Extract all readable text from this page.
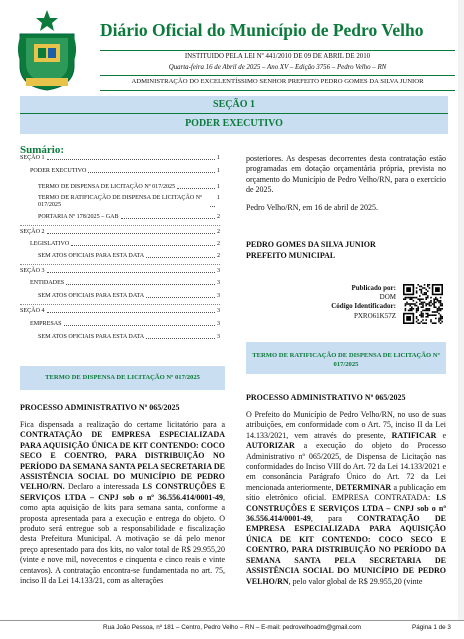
Diário Oficial do Município de Pedro Velho
INSTITUIDO PELA LEI Nº 441/2010 DE 09 DE ABRIL DE 2010
Quarta-feira 16 de Abril de 2025 – Ano XV – Edição 3756 – Pedro Velho – RN
ADMINISTRAÇÃO DO EXCELENTÍSSIMO SENHOR PREFEITO PEDRO GOMES DA SILVA JUNIOR
SEÇÃO 1
PODER EXECUTIVO
Sumário:
SEÇÃO 1	1
PODER EXECUTIVO	1
TERMO DE DISPENSA DE LICITAÇÃO Nº 017/2025	1
TERMO DE RATIFICAÇÃO DE DISPENSA DE LICITAÇÃO Nº 017/2025
1
PORTARIA Nº 178/2025 – GAB	2
SEÇÃO 2	2
LEGISLATIVO	2
SEM ATOS OFICIAIS PARA ESTA DATA	2
SEÇÃO 3	3
ENTIDADES	3
SEM ATOS OFICIAIS PARA ESTA DATA	3
SEÇÃO 4	3
EMPRESAS	3
SEM ATOS OFICIAIS PARA ESTA DATA	3
posteriores. As despesas decorrentes desta contratação estão programadas em dotação orçamentária própria, prevista no orçamento do Município de Pedro Velho/RN, para o exercício de 2025.
Pedro Velho/RN, em 16 de abril de 2025.
PEDRO GOMES DA SILVA JUNIOR
PREFEITO MUNICIPAL
Publicado por:
DOM
Código Identificador:
PXRO61K57Z
TERMO DE RATIFICAÇÃO DE DISPENSA DE LICITAÇÃO Nº 017/2025
TERMO DE DISPENSA DE LICITAÇÃO Nº 017/2025
PROCESSO ADMINISTRATIVO Nº 065/2025
PROCESSO ADMINISTRATIVO Nº 065/2025
Fica dispensada a realização do certame licitatório para a CONTRATAÇÃO DE EMPRESA ESPECIALIZADA PARA AQUISIÇÃO ÚNICA DE KIT CONTENDO: COCO SECO E COENTRO, PARA DISTRIBUIÇÃO NO PERÍODO DA SEMANA SANTA PELA SECRETARIA DE ASSISTÊNCIA SOCIAL DO MUNICÍPIO DE PEDRO VELHO/RN. Declaro a interessada LS CONSTRUÇÕES E SERVIÇOS LTDA – CNPJ sob o nº 36.556.414/0001-49, como apta aquisição de kits para semana santa, conforme a proposta apresentada para a execução e entrega do objeto. O produto será entregue sob a responsabilidade e fiscalização desta Prefeitura Municipal. A motivação se dá pelo menor preço apresentado para dos kits, no valor total de R$ 29.955,20 (vinte e nove mil, novecentos e cinquenta e cinco reais e vinte centavos). A contratação encontra-se fundamentada no art. 75, inciso II da Lei 14.133/21, com as alterações
O Prefeito do Município de Pedro Velho/RN, no uso de suas atribuições, em conformidade com o Art. 75, inciso II da Lei 14.133/2021, vem através do presente, RATIFICAR e AUTORIZAR a execução do objeto do Processo Administrativo nº 065/2025, de Dispensa de Licitação nas conformidades do Inciso VIII do Art. 72 da Lei 14.133/2021 e em consonância Parágrafo Único do Art. 72 da Lei mencionada anteriormente, DETERMINAR a publicação em sítio eletrônico oficial. EMPRESA CONTRATADA: LS CONSTRUÇÕES E SERVIÇOS LTDA – CNPJ sob o nº 36.556.414/0001-49, para CONTRATAÇÃO DE EMPRESA ESPECIALIZADA PARA AQUISIÇÃO ÚNICA DE KIT CONTENDO: COCO SECO E COENTRO, PARA DISTRIBUIÇÃO NO PERÍODO DA SEMANA SANTA PELA SECRETARIA DE ASSISTÊNCIA SOCIAL DO MUNICÍPIO DE PEDRO VELHO/RN, pelo valor global de R$ 29.955,20 (vinte
Rua João Pessoa, nº 181 – Centro, Pedro Velho – RN – E-mail: pedrovelhoadm@gmail.com	Página 1 de 3
